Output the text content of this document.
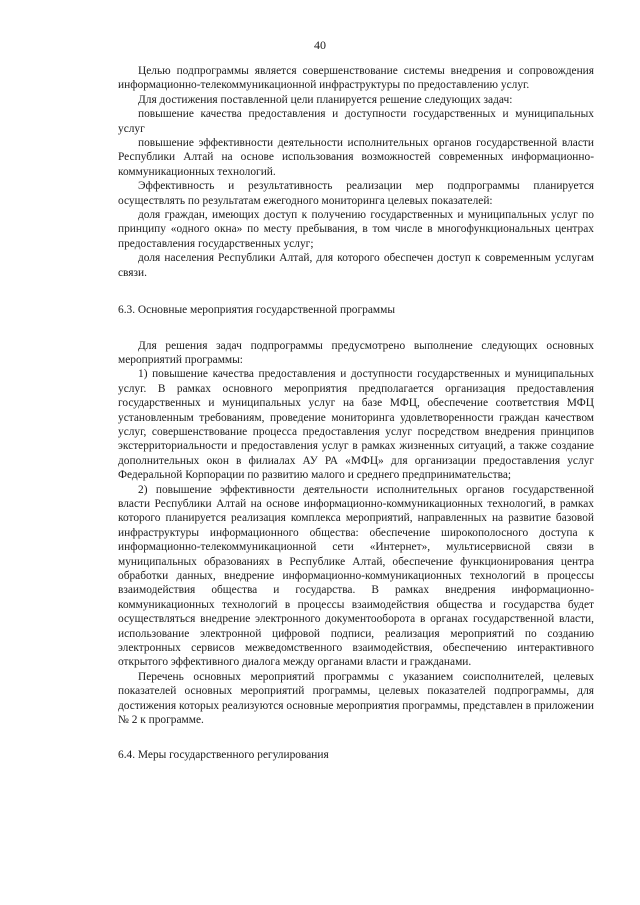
40

Целью подпрограммы является совершенствование системы внедрения и сопровождения информационно-телекоммуникационной инфраструктуры по предоставлению услуг.

Для достижения поставленной цели планируется решение следующих задач:

повышение качества предоставления и доступности государственных и муниципальных услуг

повышение эффективности деятельности исполнительных органов государственной власти Республики Алтай на основе использования возможностей современных информационно-коммуникационных технологий.

Эффективность и результативность реализации мер подпрограммы планируется осуществлять по результатам ежегодного мониторинга целевых показателей:

доля граждан, имеющих доступ к получению государственных и муниципальных услуг по принципу «одного окна» по месту пребывания, в том числе в многофункциональных центрах предоставления государственных услуг;

доля населения Республики Алтай, для которого обеспечен доступ к современным услугам связи.

6.3. Основные мероприятия государственной программы

Для решения задач подпрограммы предусмотрено выполнение следующих основных мероприятий программы:

1) повышение качества предоставления и доступности государственных и муниципальных услуг. В рамках основного мероприятия предполагается организация предоставления государственных и муниципальных услуг на базе МФЦ, обеспечение соответствия МФЦ установленным требованиям, проведение мониторинга удовлетворенности граждан качеством услуг, совершенствование процесса предоставления услуг посредством внедрения принципов экстерриториальности и предоставления услуг в рамках жизненных ситуаций, а также создание дополнительных окон в филиалах АУ РА «МФЦ» для организации предоставления услуг Федеральной Корпорации по развитию малого и среднего предпринимательства;

2) повышение эффективности деятельности исполнительных органов государственной власти Республики Алтай на основе информационно-коммуникационных технологий, в рамках которого планируется реализация комплекса мероприятий, направленных на развитие базовой инфраструктуры информационного общества: обеспечение широкополосного доступа к информационно-телекоммуникационной сети «Интернет», мультисервисной связи в муниципальных образованиях в Республике Алтай, обеспечение функционирования центра обработки данных, внедрение информационно-коммуникационных технологий в процессы взаимодействия общества и государства. В рамках внедрения информационно-коммуникационных технологий в процессы взаимодействия общества и государства будет осуществляться внедрение электронного документооборота в органах государственной власти, использование электронной цифровой подписи, реализация мероприятий по созданию электронных сервисов межведомственного взаимодействия, обеспечению интерактивного открытого эффективного диалога между органами власти и гражданами.

Перечень основных мероприятий программы с указанием соисполнителей, целевых показателей основных мероприятий программы, целевых показателей подпрограммы, для достижения которых реализуются основные мероприятия программы, представлен в приложении № 2 к программе.

6.4. Меры государственного регулирования
